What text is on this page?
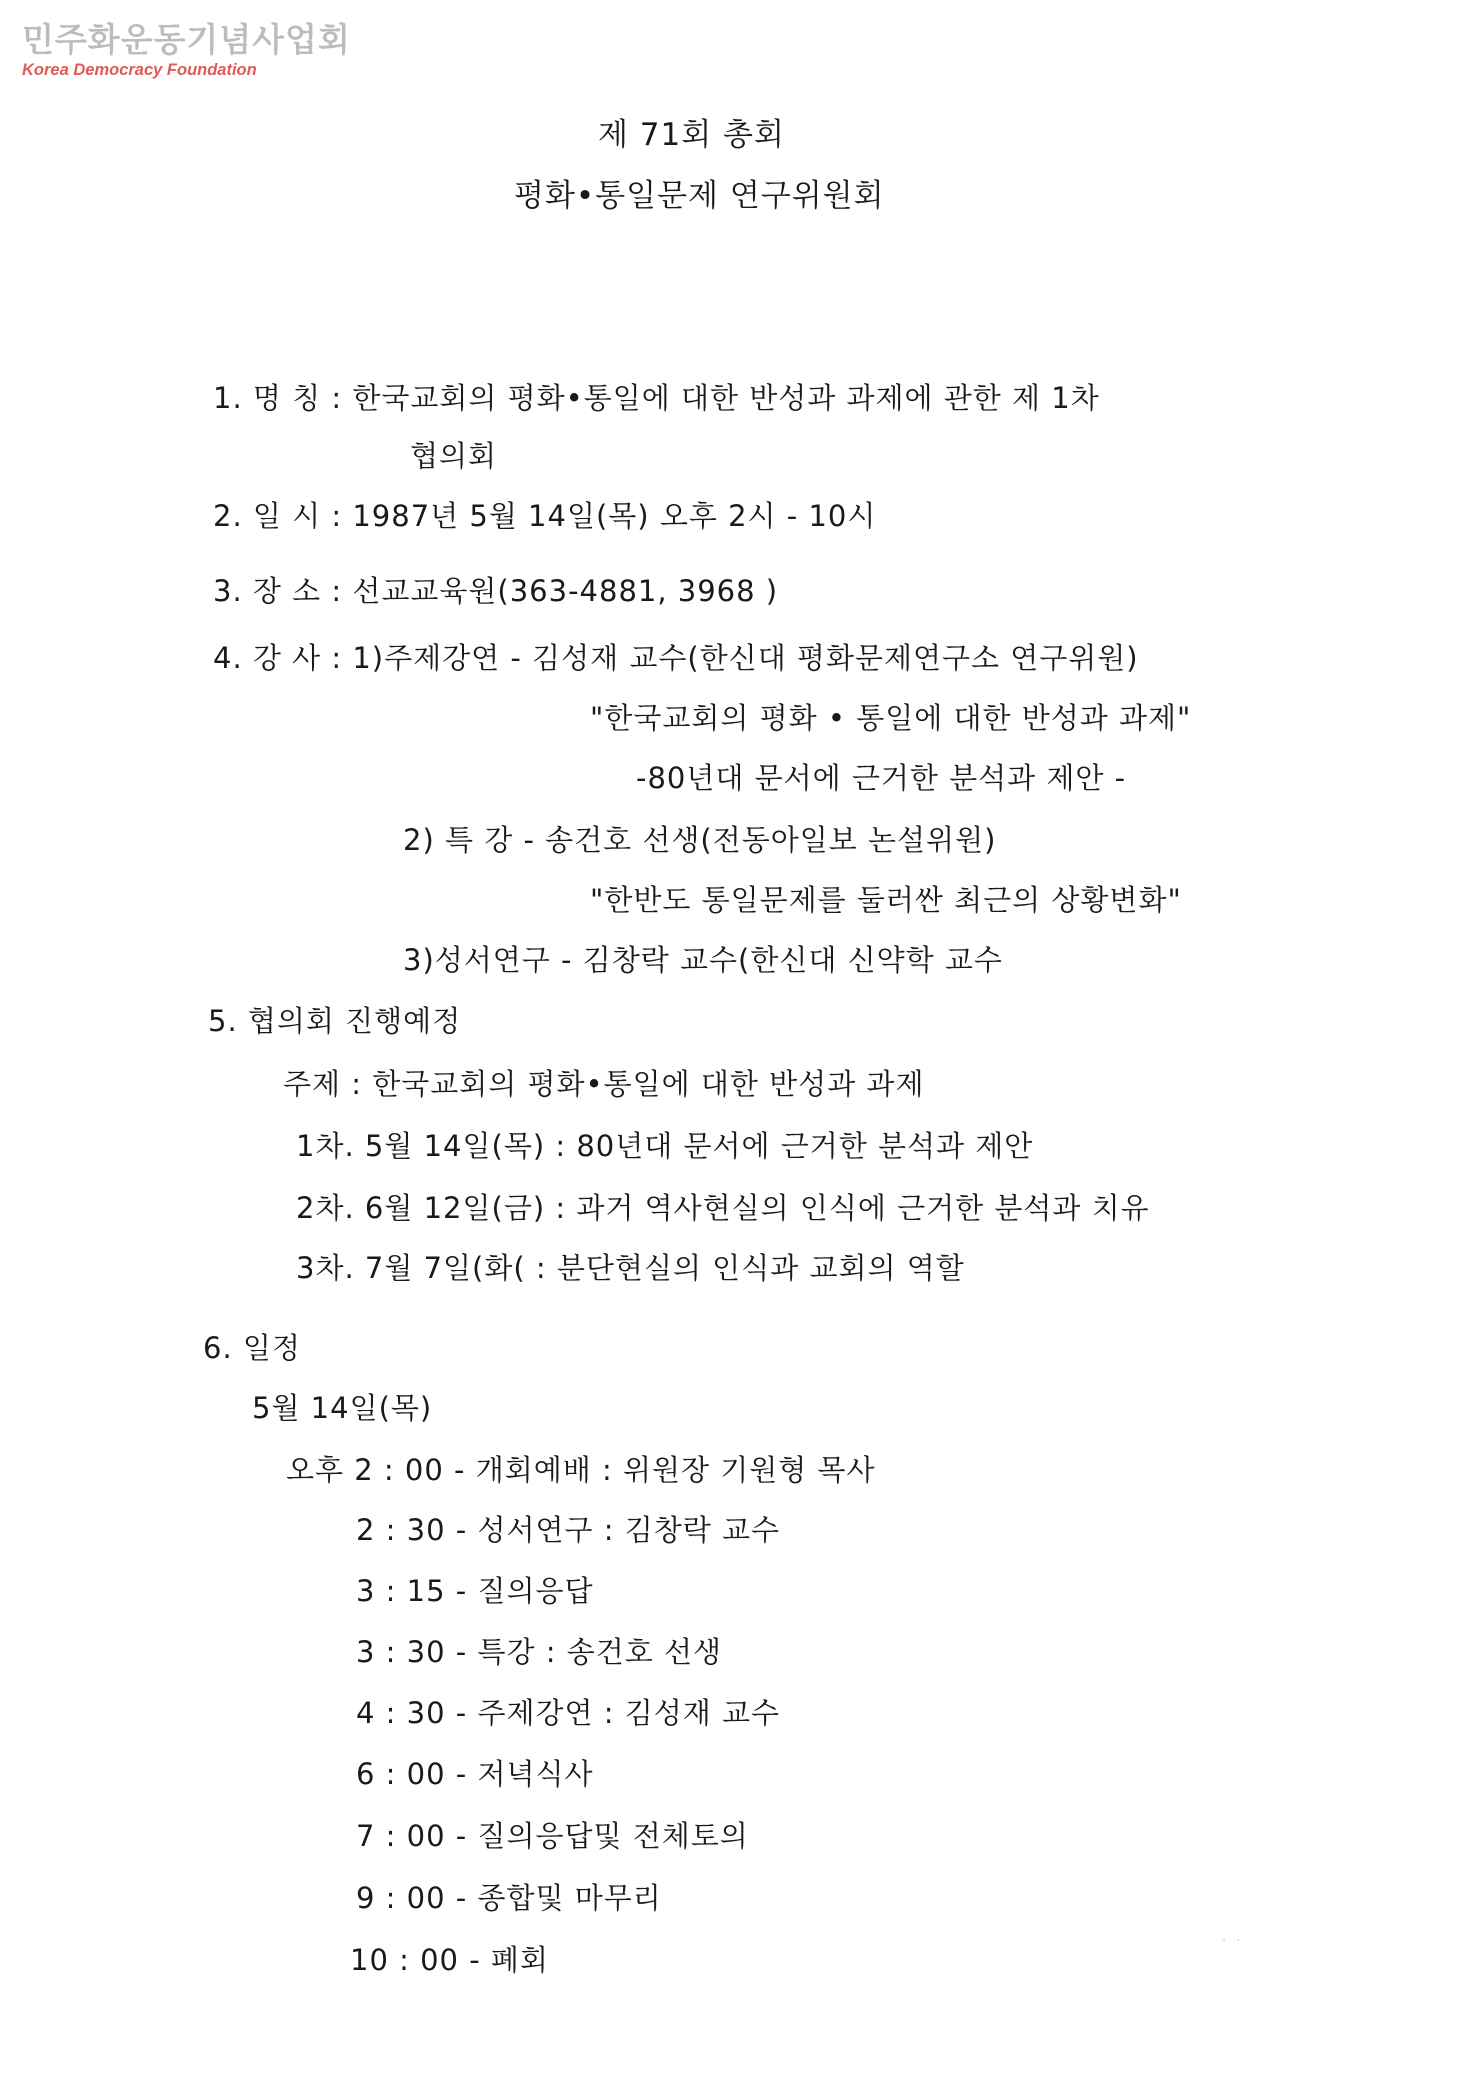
민주화운동기념사업회
Korea Democracy Foundation
제 71회 총회
평화•통일문제 연구위원회
1. 명 칭 : 한국교회의 평화•통일에 대한 반성과 과제에 관한 제 1차
협의회
2. 일 시 : 1987년 5월 14일(목) 오후 2시 - 10시
3. 장 소 : 선교교육원(363-4881, 3968 )
4. 강 사 : 1)주제강연 - 김성재 교수(한신대 평화문제연구소 연구위원)
"한국교회의 평화 • 통일에 대한 반성과 과제"
-80년대 문서에 근거한 분석과 제안 -
2) 특 강 - 송건호 선생(전동아일보 논설위원)
"한반도 통일문제를 둘러싼 최근의 상황변화"
3)성서연구 - 김창락 교수(한신대 신약학 교수
5. 협의회 진행예정
주제 : 한국교회의 평화•통일에 대한 반성과 과제
1차. 5월 14일(목) : 80년대 문서에 근거한 분석과 제안
2차. 6월 12일(금) : 과거 역사현실의 인식에 근거한 분석과 치유
3차. 7월 7일(화( : 분단현실의 인식과 교회의 역할
6. 일정
5월 14일(목)
오후 2 : 00 - 개회예배 : 위원장 기원형 목사
2 : 30 - 성서연구 : 김창락 교수
3 : 15 - 질의응답
3 : 30 - 특강 : 송건호 선생
4 : 30 - 주제강연 : 김성재 교수
6 : 00 - 저녁식사
7 : 00 - 질의응답및 전체토의
9 : 00 - 종합및 마무리
10 : 00 - 폐회
· ·
